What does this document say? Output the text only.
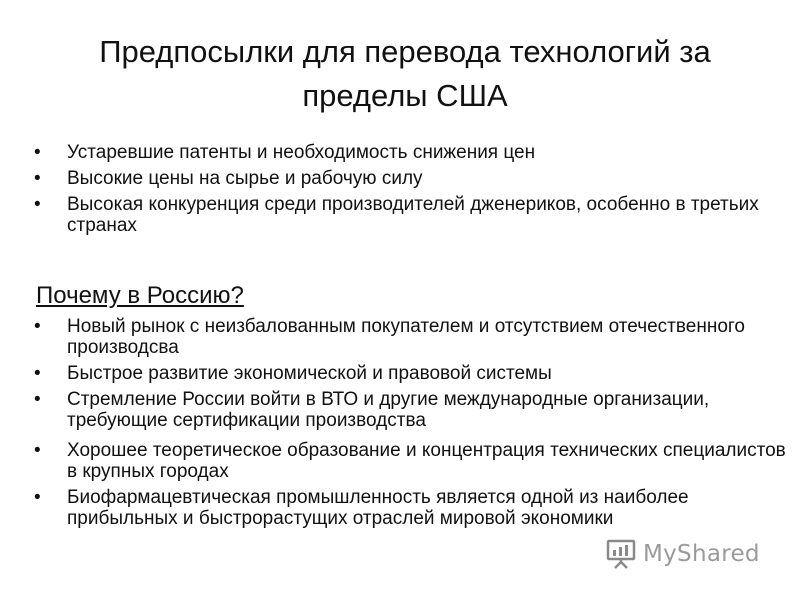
Предпосылки для перевода технологий за пределы США
• Устаревшие патенты и необходимость снижения цен
• Высокие цены на сырье и рабочую силу
• Высокая конкуренция среди производителей дженериков, особенно в третьих странах
Почему в Россию?
• Новый рынок с неизбалованным покупателем и отсутствием отечественного производсва
• Быстрое развитие экономической и правовой системы
• Стремление России войти в ВТО и другие международные организации, требующие сертификации производства
• Хорошее теоретическое образование и концентрация технических специалистов в крупных городах
• Биофармацевтическая промышленность является одной из наиболее прибыльных и быстрорастущих отраслей мировой экономики
MyShared
